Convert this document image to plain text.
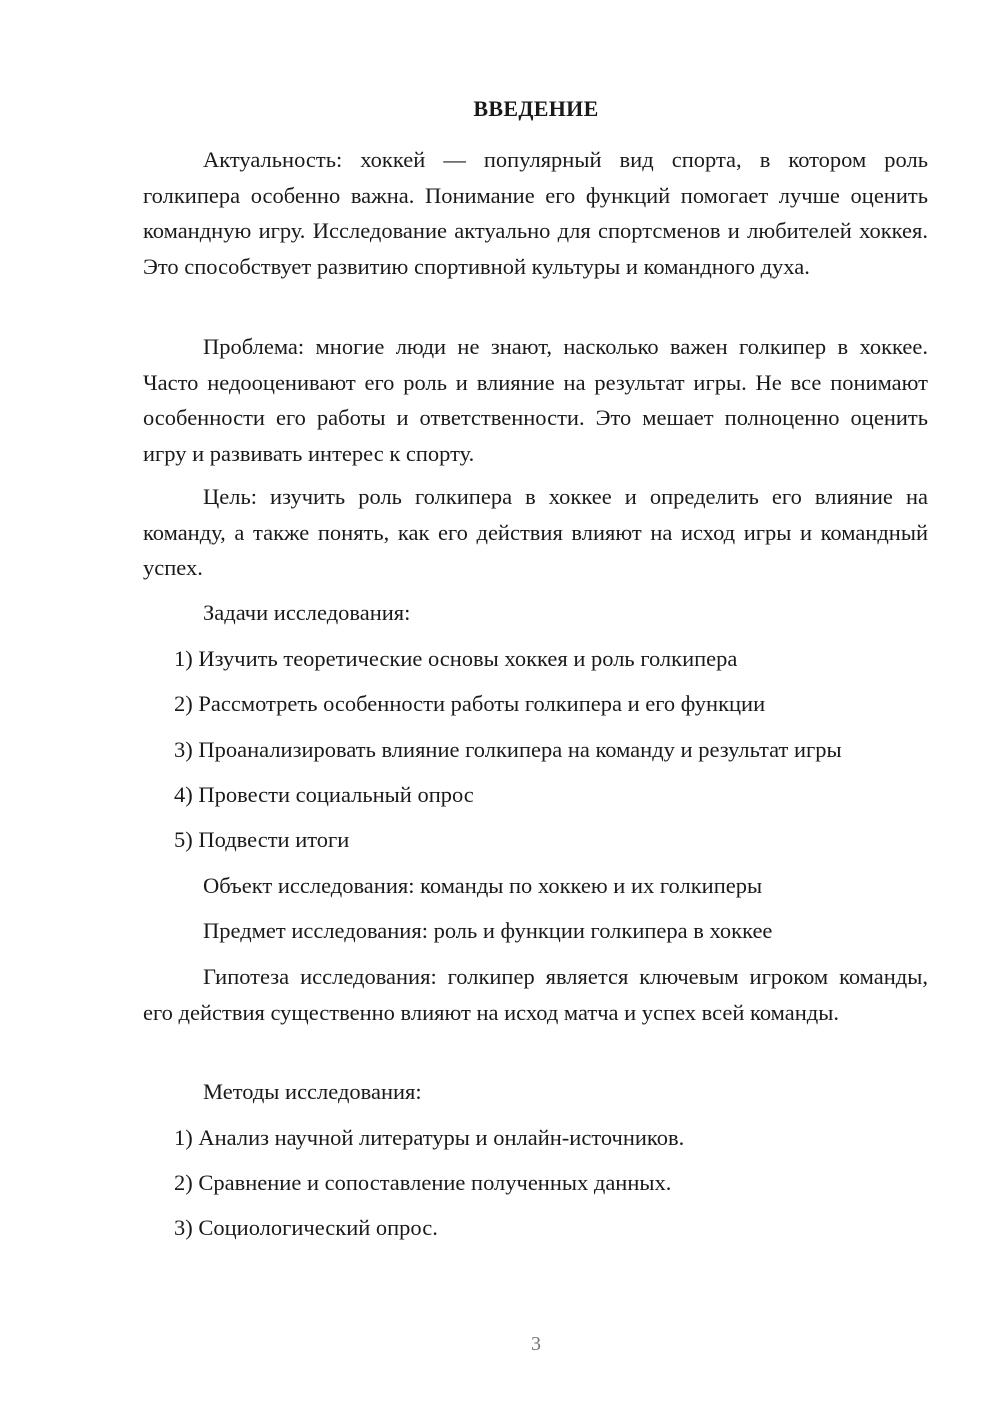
ВВЕДЕНИЕ

Актуальность: хоккей — популярный вид спорта, в котором роль голкипера особенно важна. Понимание его функций помогает лучше оценить командную игру. Исследование актуально для спортсменов и любителей хоккея. Это способствует развитию спортивной культуры и командного духа.

Проблема: многие люди не знают, насколько важен голкипер в хоккее. Часто недооценивают его роль и влияние на результат игры. Не все понимают особенности его работы и ответственности. Это мешает полноценно оценить игру и развивать интерес к спорту.

Цель: изучить роль голкипера в хоккее и определить его влияние на команду, а также понять, как его действия влияют на исход игры и командный успех.

Задачи исследования:

1) Изучить теоретические основы хоккея и роль голкипера

2) Рассмотреть особенности работы голкипера и его функции

3) Проанализировать влияние голкипера на команду и результат игры

4) Провести социальный опрос

5) Подвести итоги

Объект исследования: команды по хоккею и их голкиперы

Предмет исследования: роль и функции голкипера в хоккее

Гипотеза исследования: голкипер является ключевым игроком команды, его действия существенно влияют на исход матча и успех всей команды.

Методы исследования:

1) Анализ научной литературы и онлайн-источников.

2) Сравнение и сопоставление полученных данных.

3) Социологический опрос.

3
